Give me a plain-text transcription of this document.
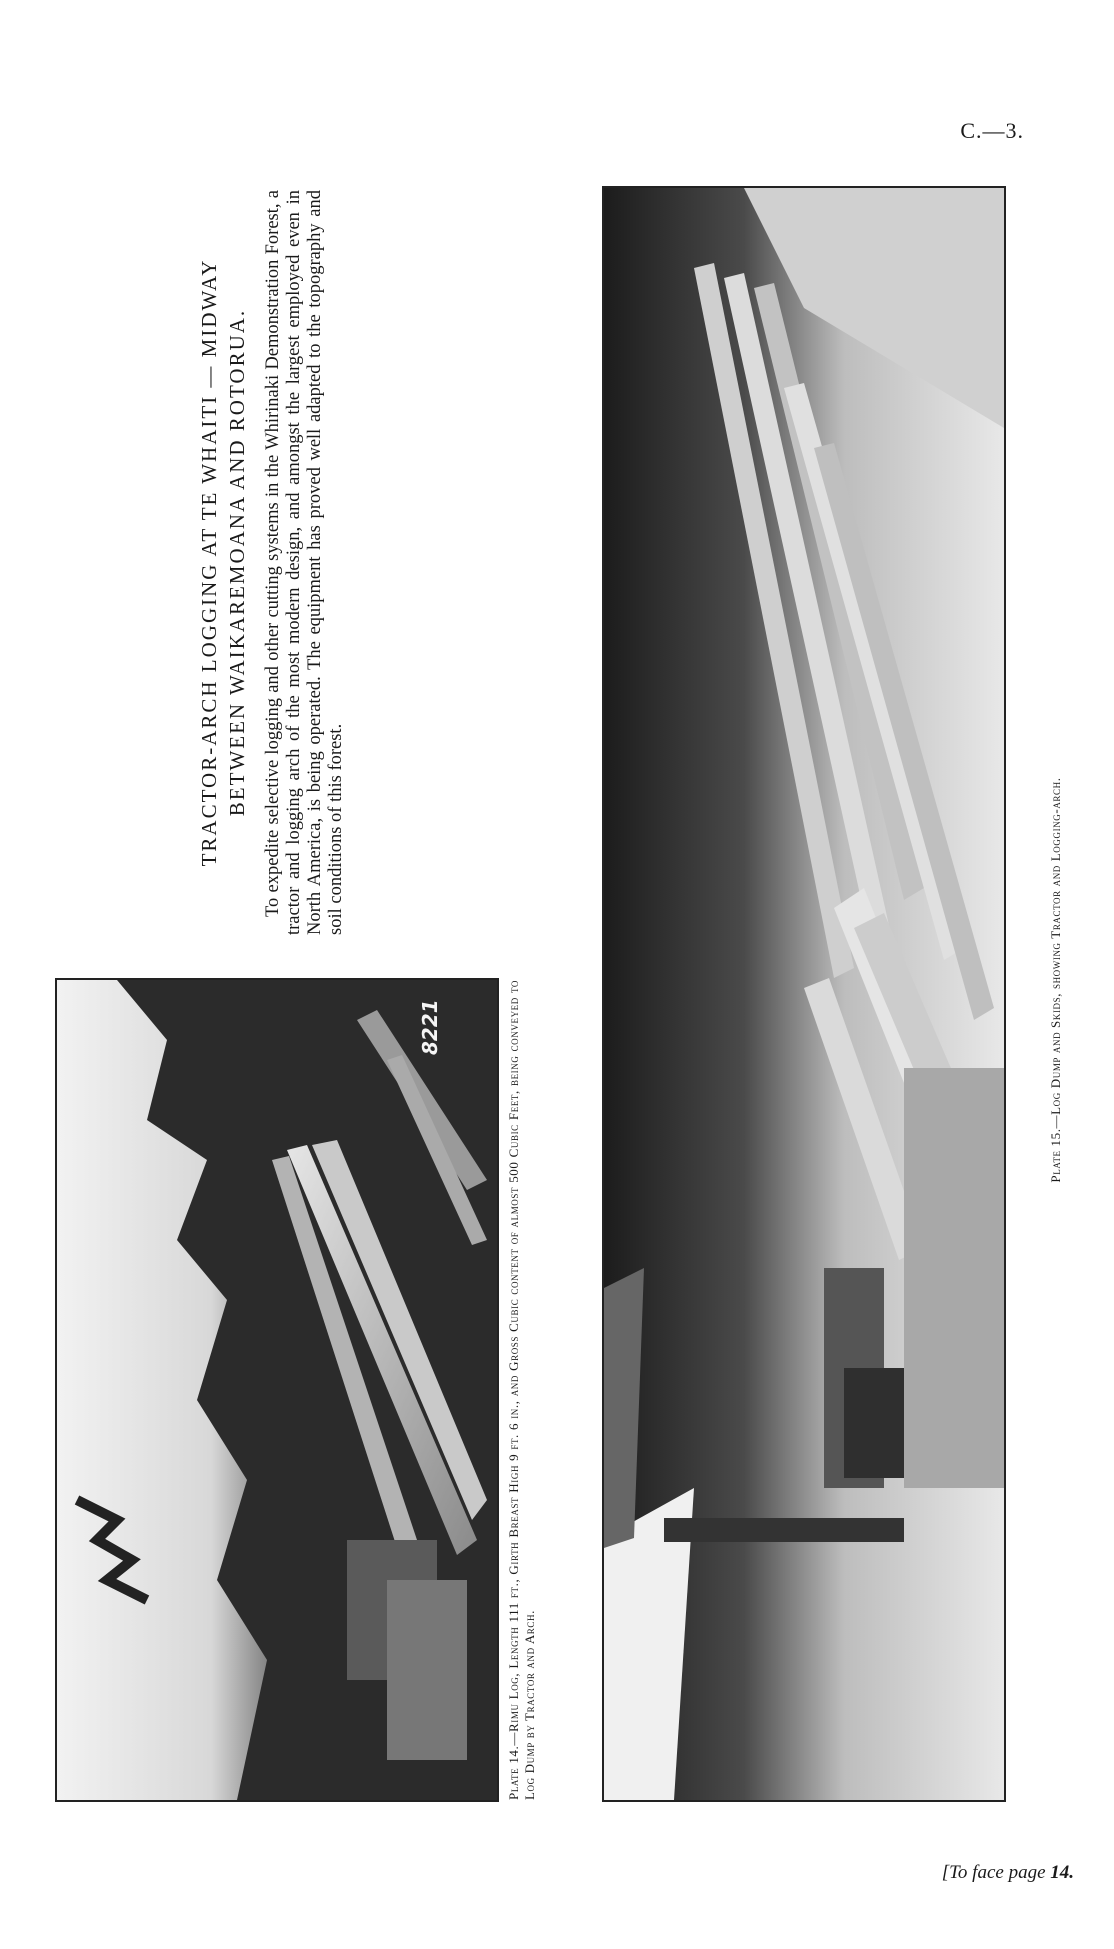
C.—3.
TRACTOR-ARCH LOGGING AT TE WHAITI — MIDWAY BETWEEN WAIKAREMOANA AND ROTORUA. To expedite selective logging and other cutting systems in the Whirinaki Demonstration Forest, a tractor and logging arch of the most modern design, and amongst the largest employed even in North America, is being operated. The equipment has proved well adapted to the topography and soil conditions of this forest.

8221	Plate 14.—Rimu Log, Length 111 ft., Girth Breast High 9 ft. 6 in., and Gross Cubic content of almost 500 Cubic Feet, being conveyed to Log Dump by Tractor and Arch.
Plate 15.—Log Dump and Skids, showing Tractor and Logging-arch.
[To face page 14.
